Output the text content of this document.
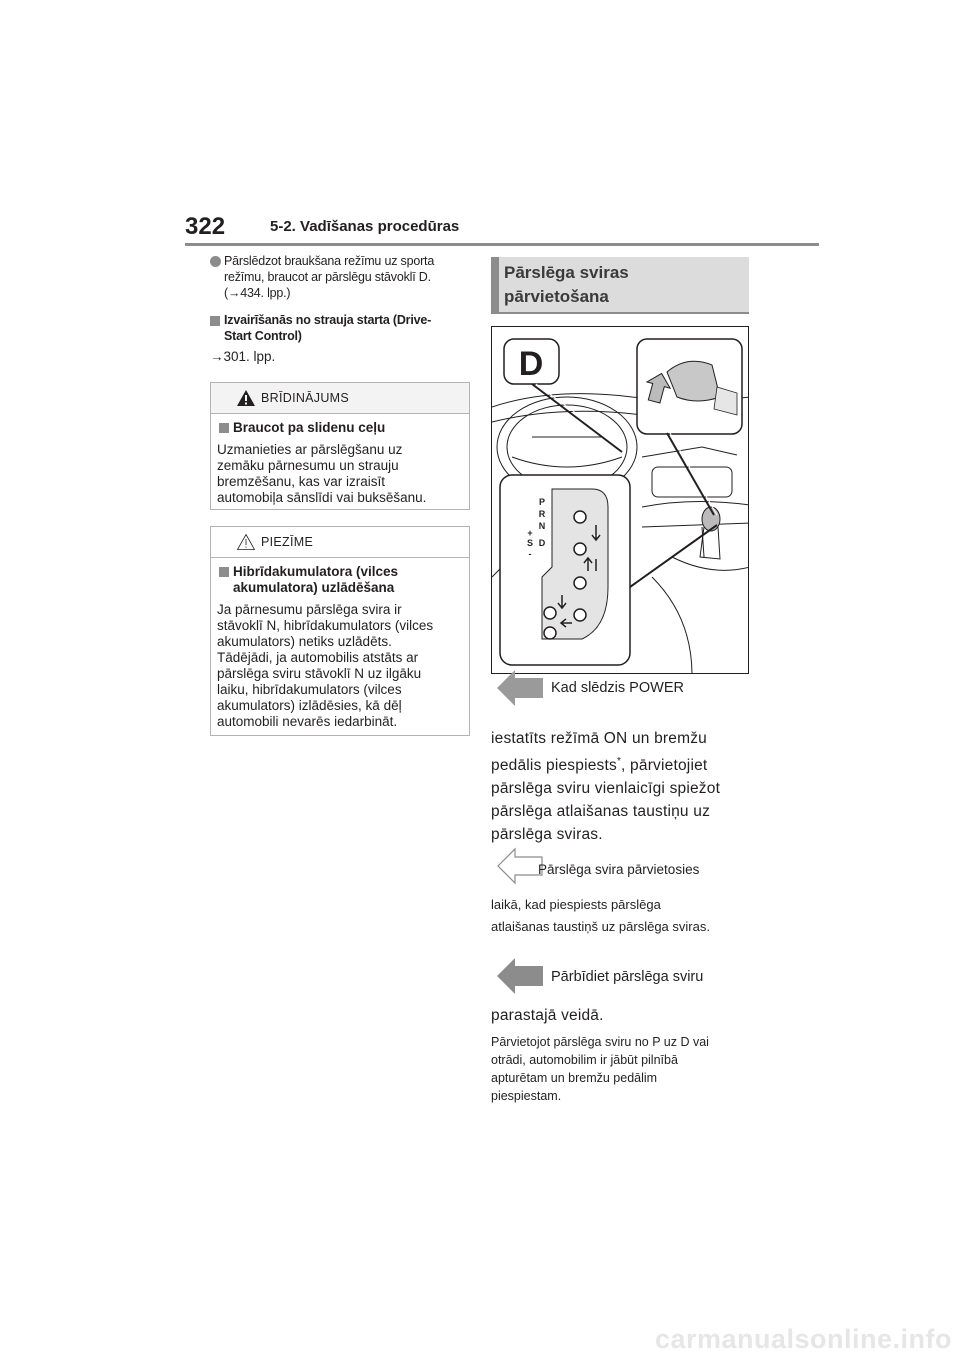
322	5-2. Vadīšanas procedūras
Pārslēdzot braukšana režīmu uz sporta
režīmu, braucot ar pārslēgu stāvoklī D.
(→434. lpp.)
Izvairīšanās no strauja starta (Drive-
Start Control)
→301. lpp.
BRĪDINĀJUMS
Braucot pa slidenu ceļu
Uzmanieties ar pārslēgšanu uz
zemāku pārnesumu un strauju
bremzēšanu, kas var izraisīt
automobiļa sānslīdi vai buksēšanu.
PIEZĪME
Hibrīdakumulatora (vilces
akumulatora) uzlādēšana
Ja pārnesumu pārslēga svira ir
stāvoklī N, hibrīdakumulators (vilces
akumulators) netiks uzlādēts.
Tādējādi, ja automobilis atstāts ar
pārslēga sviru stāvoklī N uz ilgāku
laiku, hibrīdakumulators (vilces
akumulators) izlādēsies, kā dēļ
automobili nevarēs iedarbināt.
Pārslēga sviras
pārvietošana
D
P
R
N
D
S
+
-
Kad slēdzis POWER
iestatīts režīmā ON un bremžu
pedālis piespiests*, pārvietojiet
pārslēga sviru vienlaicīgi spiežot
pārslēga atlaišanas taustiņu uz
pārslēga sviras.
Pārslēga svira pārvietosies
laikā, kad piespiests pārslēga
atlaišanas taustiņš uz pārslēga sviras.
Pārbīdiet pārslēga sviru
parastajā veidā.
Pārvietojot pārslēga sviru no P uz D vai
otrādi, automobilim ir jābūt pilnībā
apturētam un bremžu pedālim
piespiestam.
carmanualsonline.info
